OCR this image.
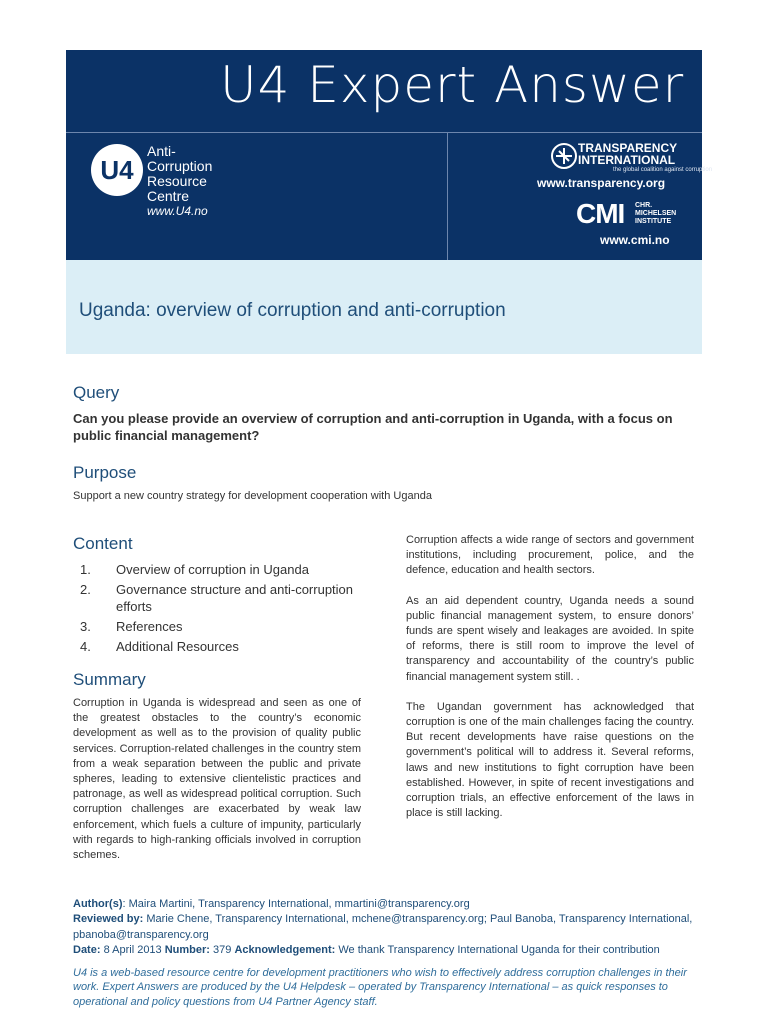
U4 Expert Answer
U4
Anti-
Corruption
Resource
Centre
www.U4.no
TRANSPARENCY
INTERNATIONAL
the global coalition against corruption
www.transparency.org
CMI CHR.
MICHELSEN
INSTITUTE
www.cmi.no
Uganda: overview of corruption and anti-corruption
Query
Can you please provide an overview of corruption and anti-corruption in Uganda, with a focus on public financial management?
Purpose
Support a new country strategy for development cooperation with Uganda
Content
1.	Overview of corruption in Uganda
2.	Governance structure and anti-corruption efforts
3.	References
4.	Additional Resources
Summary

Corruption in Uganda is widespread and seen as one of the greatest obstacles to the country’s economic development as well as to the provision of quality public services. Corruption-related challenges in the country stem from a weak separation between the public and private spheres, leading to extensive clientelistic practices and patronage, as well as widespread political corruption. Such corruption challenges are exacerbated by weak law enforcement, which fuels a culture of impunity, particularly with regards to high-ranking officials involved in corruption schemes.

Corruption affects a wide range of sectors and government institutions, including procurement, police, and the defence, education and health sectors.

As an aid dependent country, Uganda needs a sound public financial management system, to ensure donors’ funds are spent wisely and leakages are avoided. In spite of reforms, there is still room to improve the level of transparency and accountability of the country’s public financial management system still. .

The Ugandan government has acknowledged that corruption is one of the main challenges facing the country. But recent developments have raise questions on the government’s political will to address it. Several reforms, laws and new institutions to fight corruption have been established. However, in spite of recent investigations and corruption trials, an effective enforcement of the laws in place is still lacking.

Author(s): Maira Martini, Transparency International, mmartini@transparency.org
Reviewed by: Marie Chene, Transparency International, mchene@transparency.org; Paul Banoba, Transparency International, pbanoba@transparency.org
Date: 8 April 2013 Number: 379 Acknowledgement: We thank Transparency International Uganda for their contribution
U4 is a web-based resource centre for development practitioners who wish to effectively address corruption challenges in their work. Expert Answers are produced by the U4 Helpdesk – operated by Transparency International – as quick responses to operational and policy questions from U4 Partner Agency staff.
